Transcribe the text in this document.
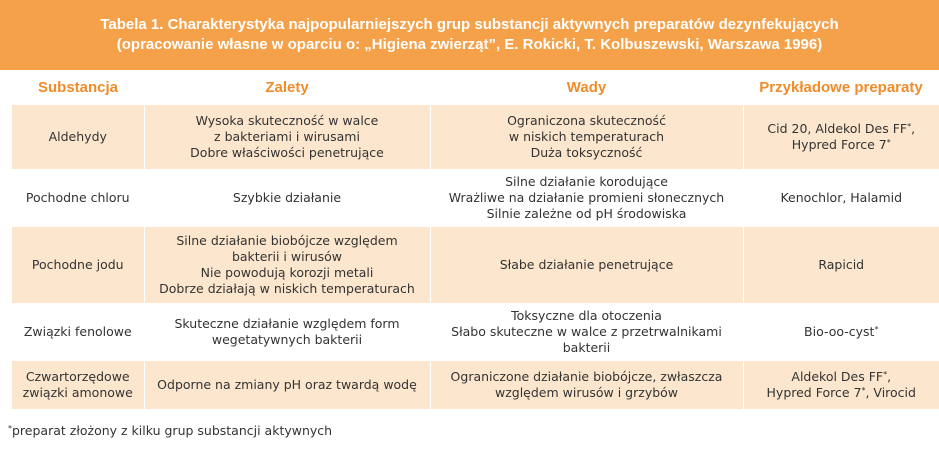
Tabela 1. Charakterystyka najpopularniejszych grup substancji aktywnych preparatów dezynfekujących
(opracowanie własne w oparciu o: „Higiena zwierząt”, E. Rokicki, T. Kolbuszewski, Warszawa 1996)
Substancja	Zalety	Wady	Przykładowe preparaty

Aldehydy	Wysoka skuteczność w walce
z bakteriami i wirusami
Dobre właściwości penetrujące	Ograniczona skuteczność
w niskich temperaturach
Duża toksyczność	Cid 20, Aldekol Des FF*,
Hypred Force 7*

Pochodne chloru	Szybkie działanie	Silne działanie korodujące
Wrażliwe na działanie promieni słonecznych
Silnie zależne od pH środowiska	Kenochlor, Halamid

Pochodne jodu	Silne działanie biobójcze względem
bakterii i wirusów
Nie powodują korozji metali
Dobrze działają w niskich temperaturach	Słabe działanie penetrujące	Rapicid

Związki fenolowe	Skuteczne działanie względem form
wegetatywnych bakterii	Toksyczne dla otoczenia
Słabo skuteczne w walce z przetrwalnikami
bakterii	Bio-oo-cyst*

Czwartorzędowe
związki amonowe	Odporne na zmiany pH oraz twardą wodę	Ograniczone działanie biobójcze, zwłaszcza
względem wirusów i grzybów	Aldekol Des FF*,
Hypred Force 7*, Virocid
*preparat złożony z kilku grup substancji aktywnych
